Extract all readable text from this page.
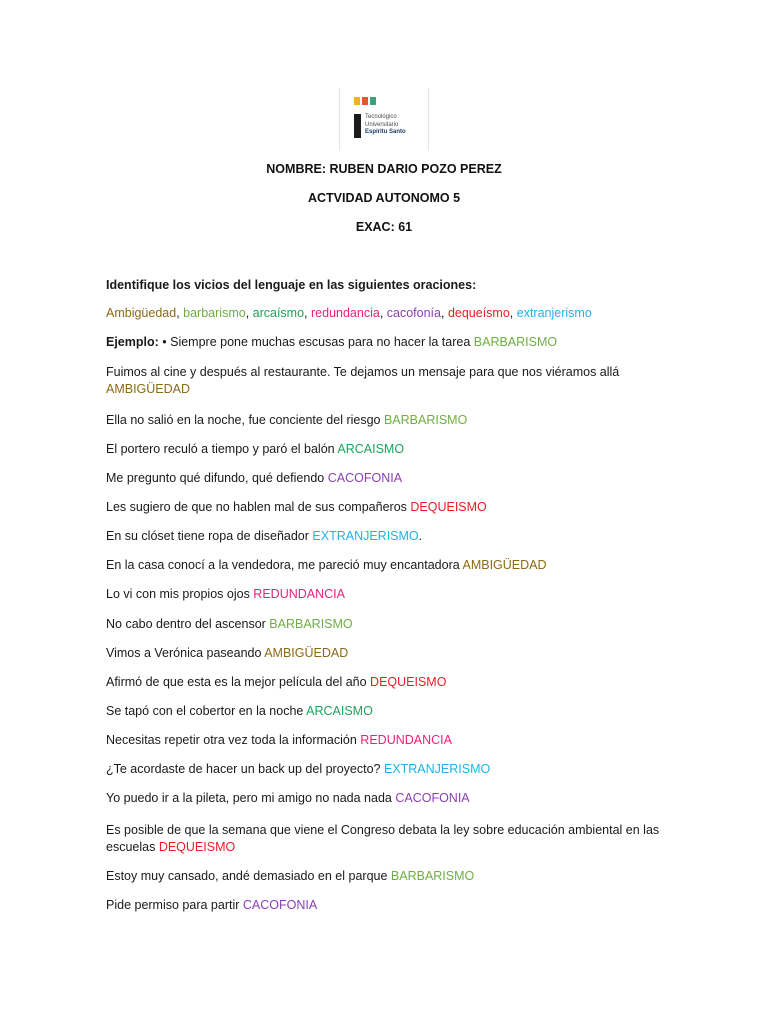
Tecnológico
Universitario
Espíritu Santo
NOMBRE: RUBEN DARIO POZO PEREZ
ACTVIDAD AUTONOMO 5
EXAC: 61
Identifique los vicios del lenguaje en las siguientes oraciones:
Ambigüedad, barbarismo, arcaísmo, redundancia, cacofonía, dequeísmo, extranjerismo
Ejemplo: • Siempre pone muchas escusas para no hacer la tarea BARBARISMO
Fuimos al cine y después al restaurante. Te dejamos un mensaje para que nos viéramos allá AMBIGÜEDAD
Ella no salió en la noche, fue conciente del riesgo BARBARISMO
El portero reculó a tiempo y paró el balón ARCAISMO
Me pregunto qué difundo, qué defiendo CACOFONIA
Les sugiero de que no hablen mal de sus compañeros DEQUEISMO
En su clóset tiene ropa de diseñador EXTRANJERISMO.
En la casa conocí a la vendedora, me pareció muy encantadora AMBIGÜEDAD
Lo vi con mis propios ojos REDUNDANCIA
No cabo dentro del ascensor BARBARISMO
Vimos a Verónica paseando AMBIGÜEDAD
Afirmó de que esta es la mejor película del año DEQUEISMO
Se tapó con el cobertor en la noche ARCAISMO
Necesitas repetir otra vez toda la información REDUNDANCIA
¿Te acordaste de hacer un back up del proyecto? EXTRANJERISMO
Yo puedo ir a la pileta, pero mi amigo no nada nada CACOFONIA
Es posible de que la semana que viene el Congreso debata la ley sobre educación ambiental en las escuelas DEQUEISMO
Estoy muy cansado, andé demasiado en el parque BARBARISMO
Pide permiso para partir CACOFONIA
